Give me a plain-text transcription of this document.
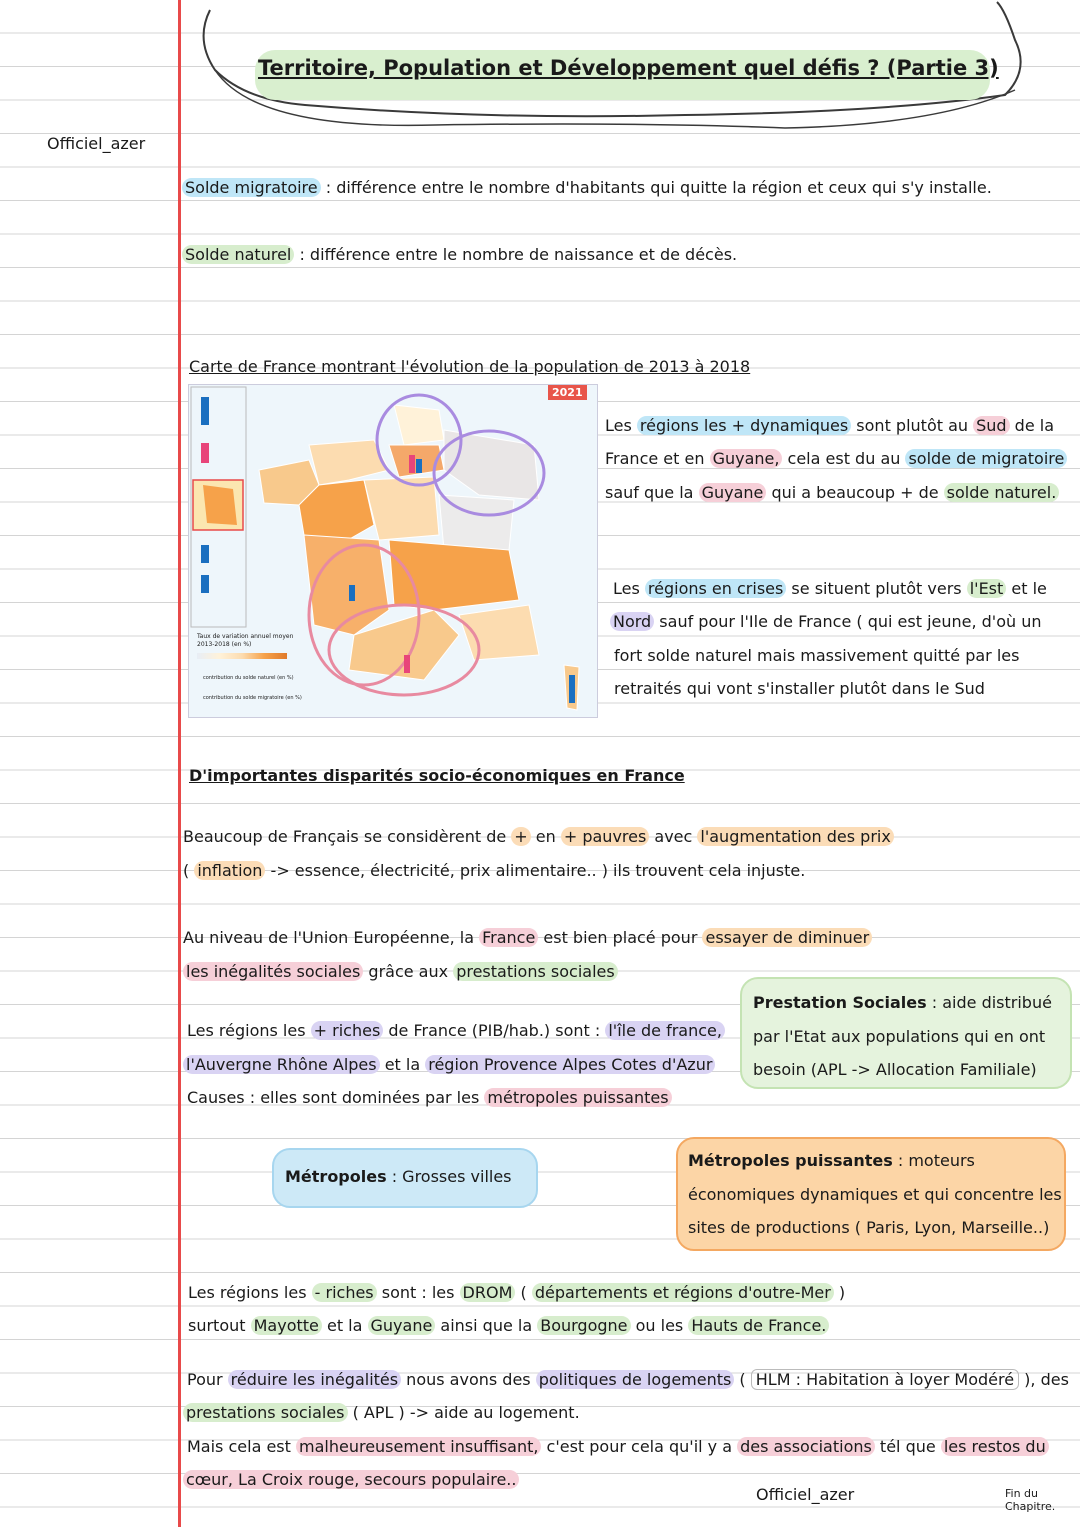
Officiel_azer
Territoire, Population et Développement quel défis ? (Partie 3)
Solde migratoire : différence entre le nombre d'habitants qui quitte la région et ceux qui s'y installe.
Solde naturel : différence entre le nombre de naissance et de décès.
Carte de France montrant l'évolution de la population de 2013 à 2018
2021
Taux de variation annuel moyen 2013-2018 (en %)
contribution du solde naturel (en %)
contribution du solde migratoire (en %)
Les régions les + dynamiques sont plutôt au Sud de la
France et en Guyane, cela est du au solde de migratoire
sauf que la Guyane qui a beaucoup + de solde naturel.
Les régions en crises se situent plutôt vers l'Est et le
Nord sauf pour l'Ile de France ( qui est jeune, d'où un
fort solde naturel mais massivement quitté par les
retraités qui vont s'installer plutôt dans le Sud
D'importantes disparités socio-économiques en France
Beaucoup de Français se considèrent de + en + pauvres avec l'augmentation des prix
( inflation -> essence, électricité, prix alimentaire.. ) ils trouvent cela injuste.
Au niveau de l'Union Européenne, la France est bien placé pour essayer de diminuer
les inégalités sociales grâce aux prestations sociales
Prestation Sociales : aide distribué
par l'Etat aux populations qui en ont
besoin (APL -> Allocation Familiale)
Les régions les + riches de France (PIB/hab.) sont : l'île de france,
l'Auvergne Rhône Alpes et la région Provence Alpes Cotes d'Azur
Causes : elles sont dominées par les métropoles puissantes
Métropoles : Grosses villes
Métropoles puissantes : moteurs
économiques dynamiques et qui concentre les
sites de productions ( Paris, Lyon, Marseille..)
Les régions les - riches sont : les DROM ( départements et régions d'outre-Mer )
surtout Mayotte et la Guyane ainsi que la Bourgogne ou les Hauts de France.
Pour réduire les inégalités nous avons des politiques de logements ( HLM : Habitation à loyer Modéré ), des
prestations sociales ( APL ) -> aide au logement.
Mais cela est malheureusement insuffisant, c'est pour cela qu'il y a des associations tél que les restos du
cœur, La Croix rouge, secours populaire..
Officiel_azer	Fin du
Chapitre.
